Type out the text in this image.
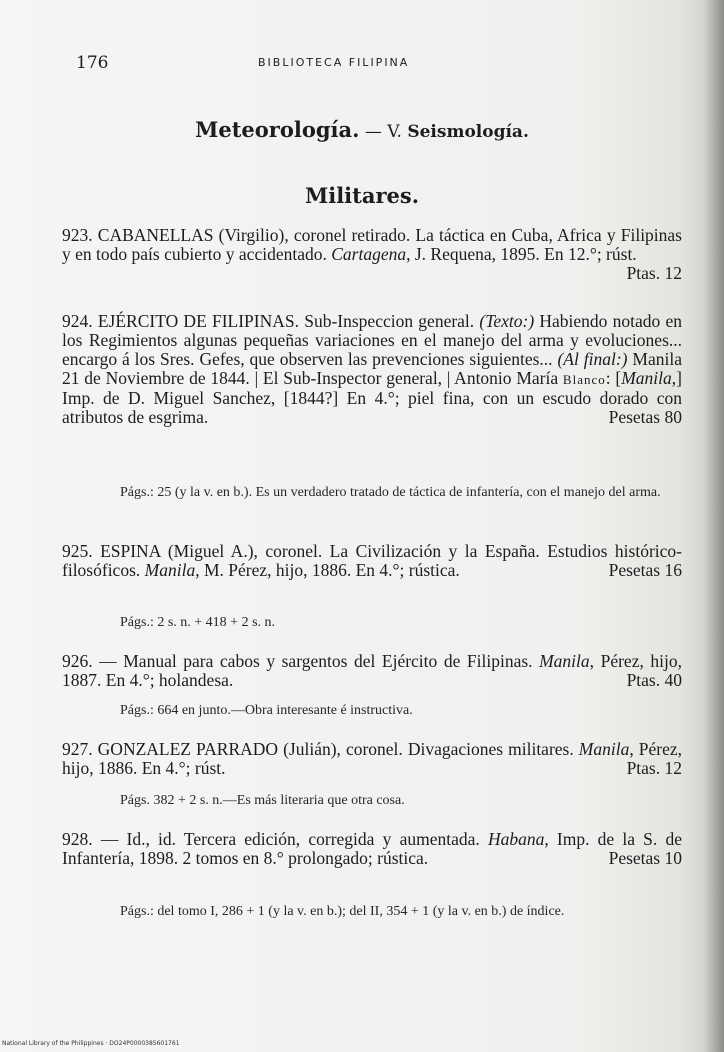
176	BIBLIOTECA FILIPINA
Meteorología. — V. Seismología.
Militares.

923. CABANELLAS (Virgilio), coronel retirado. La táctica en Cuba, Africa y Filipinas y en todo país cubierto y accidentado. Cartagena, J. Requena, 1895. En 12.°; rúst.
Ptas. 12

924. EJÉRCITO DE FILIPINAS. Sub-Inspeccion general. (Texto:) Habiendo notado en los Regimientos algunas pequeñas variaciones en el manejo del arma y evoluciones... encargo á los Sres. Gefes, que observen las prevenciones siguientes... (Al final:) Manila 21 de Noviembre de 1844. | El Sub-Inspector general, | Antonio María Blanco: [Manila,] Imp. de D. Miguel Sanchez, [1844?] En 4.°; piel fina, con un escudo dorado con atributos de esgrima.	Pesetas 80

Págs.: 25 (y la v. en b.). Es un verdadero tratado de táctica de infantería, con el manejo del arma.

925. ESPINA (Miguel A.), coronel. La Civilización y la España. Estudios histórico-filosóficos. Manila, M. Pérez, hijo, 1886. En 4.°; rústica.	Pesetas 16

Págs.: 2 s. n. + 418 + 2 s. n.

926. — Manual para cabos y sargentos del Ejército de Filipinas. Manila, Pérez, hijo, 1887. En 4.°; holandesa.	Ptas. 40

Págs.: 664 en junto.—Obra interesante é instructiva.

927. GONZALEZ PARRADO (Julián), coronel. Divagaciones militares. Manila, Pérez, hijo, 1886. En 4.°; rúst.	Ptas. 12

Págs. 382 + 2 s. n.—Es más literaria que otra cosa.

928. — Id., id. Tercera edición, corregida y aumentada. Habana, Imp. de la S. de Infantería, 1898. 2 tomos en 8.° prolongado; rústica.	Pesetas 10

Págs.: del tomo I, 286 + 1 (y la v. en b.); del II, 354 + 1 (y la v. en b.) de índice.
National Library of the Philippines · DO24P0000385601761
